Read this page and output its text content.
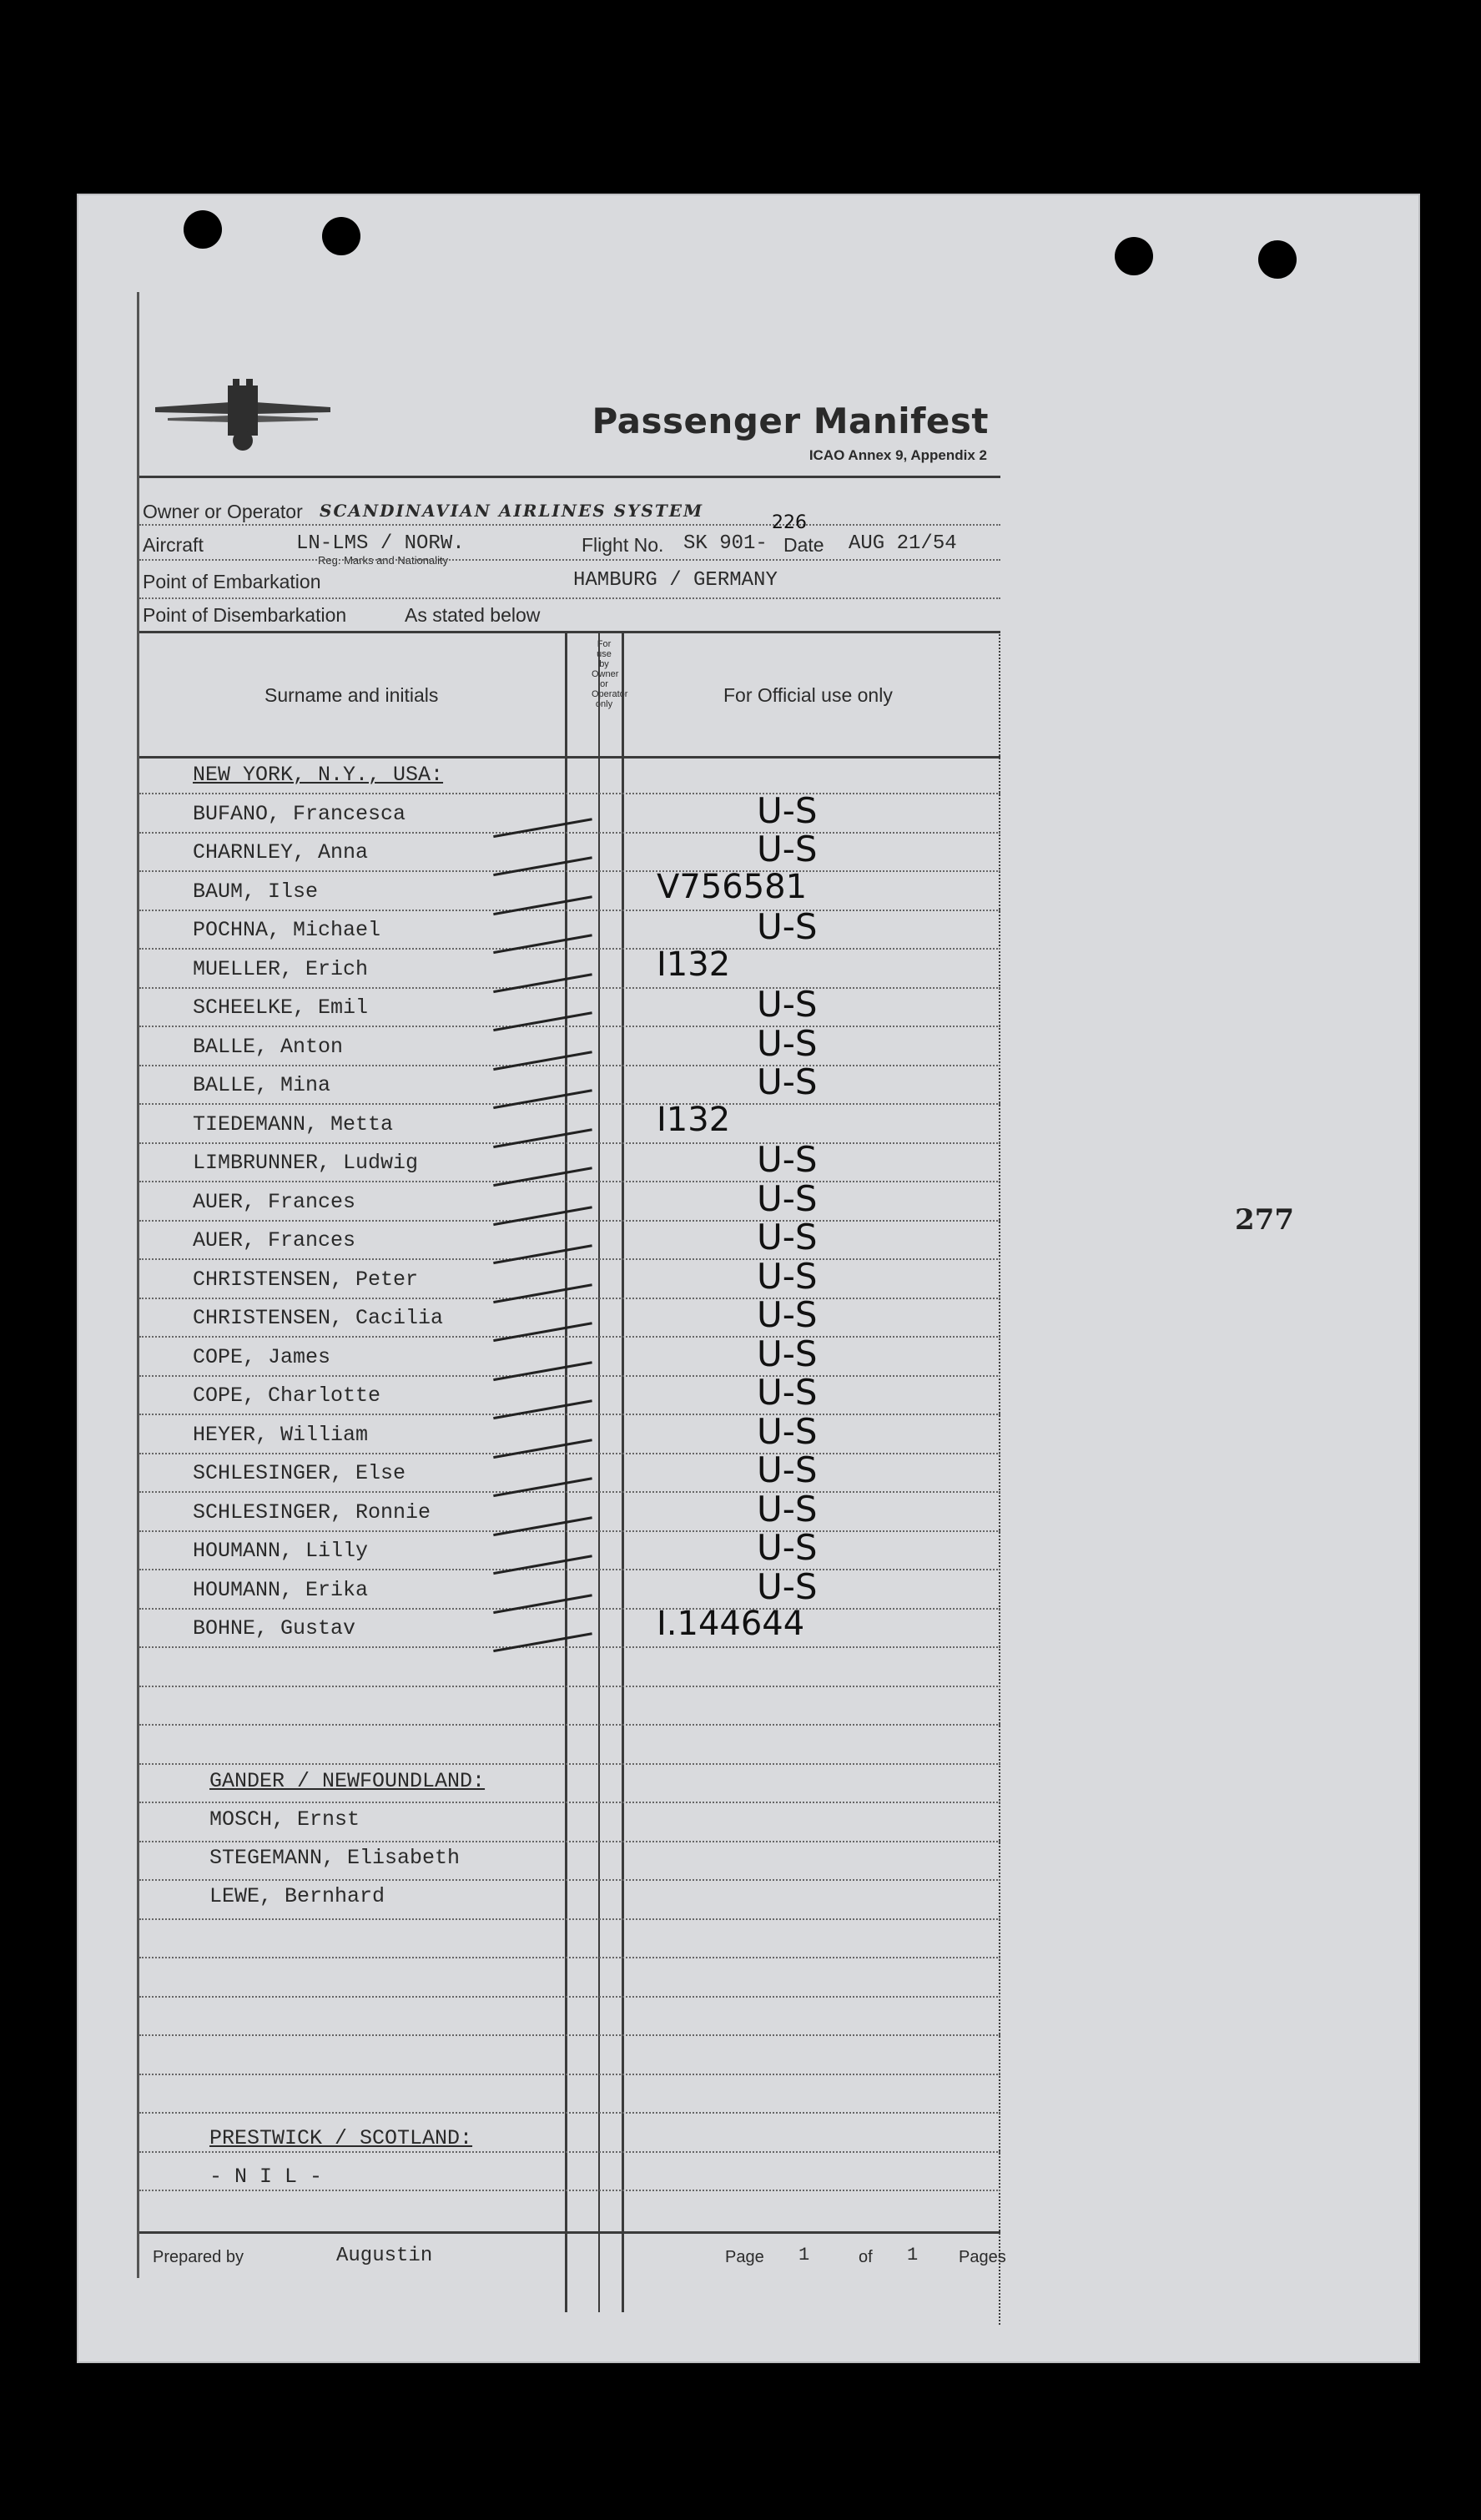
277
Passenger Manifest
ICAO Annex 9, Appendix 2
Owner or Operator SCANDINAVIAN AIRLINES SYSTEM
Aircraft	LN-LMS / NORW.
Reg. Marks and Nationality
Flight No. SK 901-
226
Date AUG 21/54
Point of Embarkation	HAMBURG / GERMANY
Point of Disembarkation	As stated below
Surname and initials
For use by Owner or Operator only	For Official use only
NEW YORK, N.Y., USA:
BUFANO, Francesca	U-S
CHARNLEY, Anna	U-S
BAUM, Ilse	V756581
POCHNA, Michael	U-S
MUELLER, Erich	I132
SCHEELKE, Emil	U-S
BALLE, Anton	U-S
BALLE, Mina	U-S
TIEDEMANN, Metta	I132
LIMBRUNNER, Ludwig	U-S
AUER, Frances	U-S
AUER, Frances	U-S
CHRISTENSEN, Peter	U-S
CHRISTENSEN, Cacilia	U-S
COPE, James	U-S
COPE, Charlotte	U-S
HEYER, William	U-S
SCHLESINGER, Else	U-S
SCHLESINGER, Ronnie	U-S
HOUMANN, Lilly	U-S
HOUMANN, Erika	U-S
BOHNE, Gustav	I.144644
GANDER / NEWFOUNDLAND:
MOSCH, Ernst
STEGEMANN, Elisabeth
LEWE, Bernhard
PRESTWICK / SCOTLAND:
- N I L -
Prepared by	Augustin	Page 1	of 1 Pages
